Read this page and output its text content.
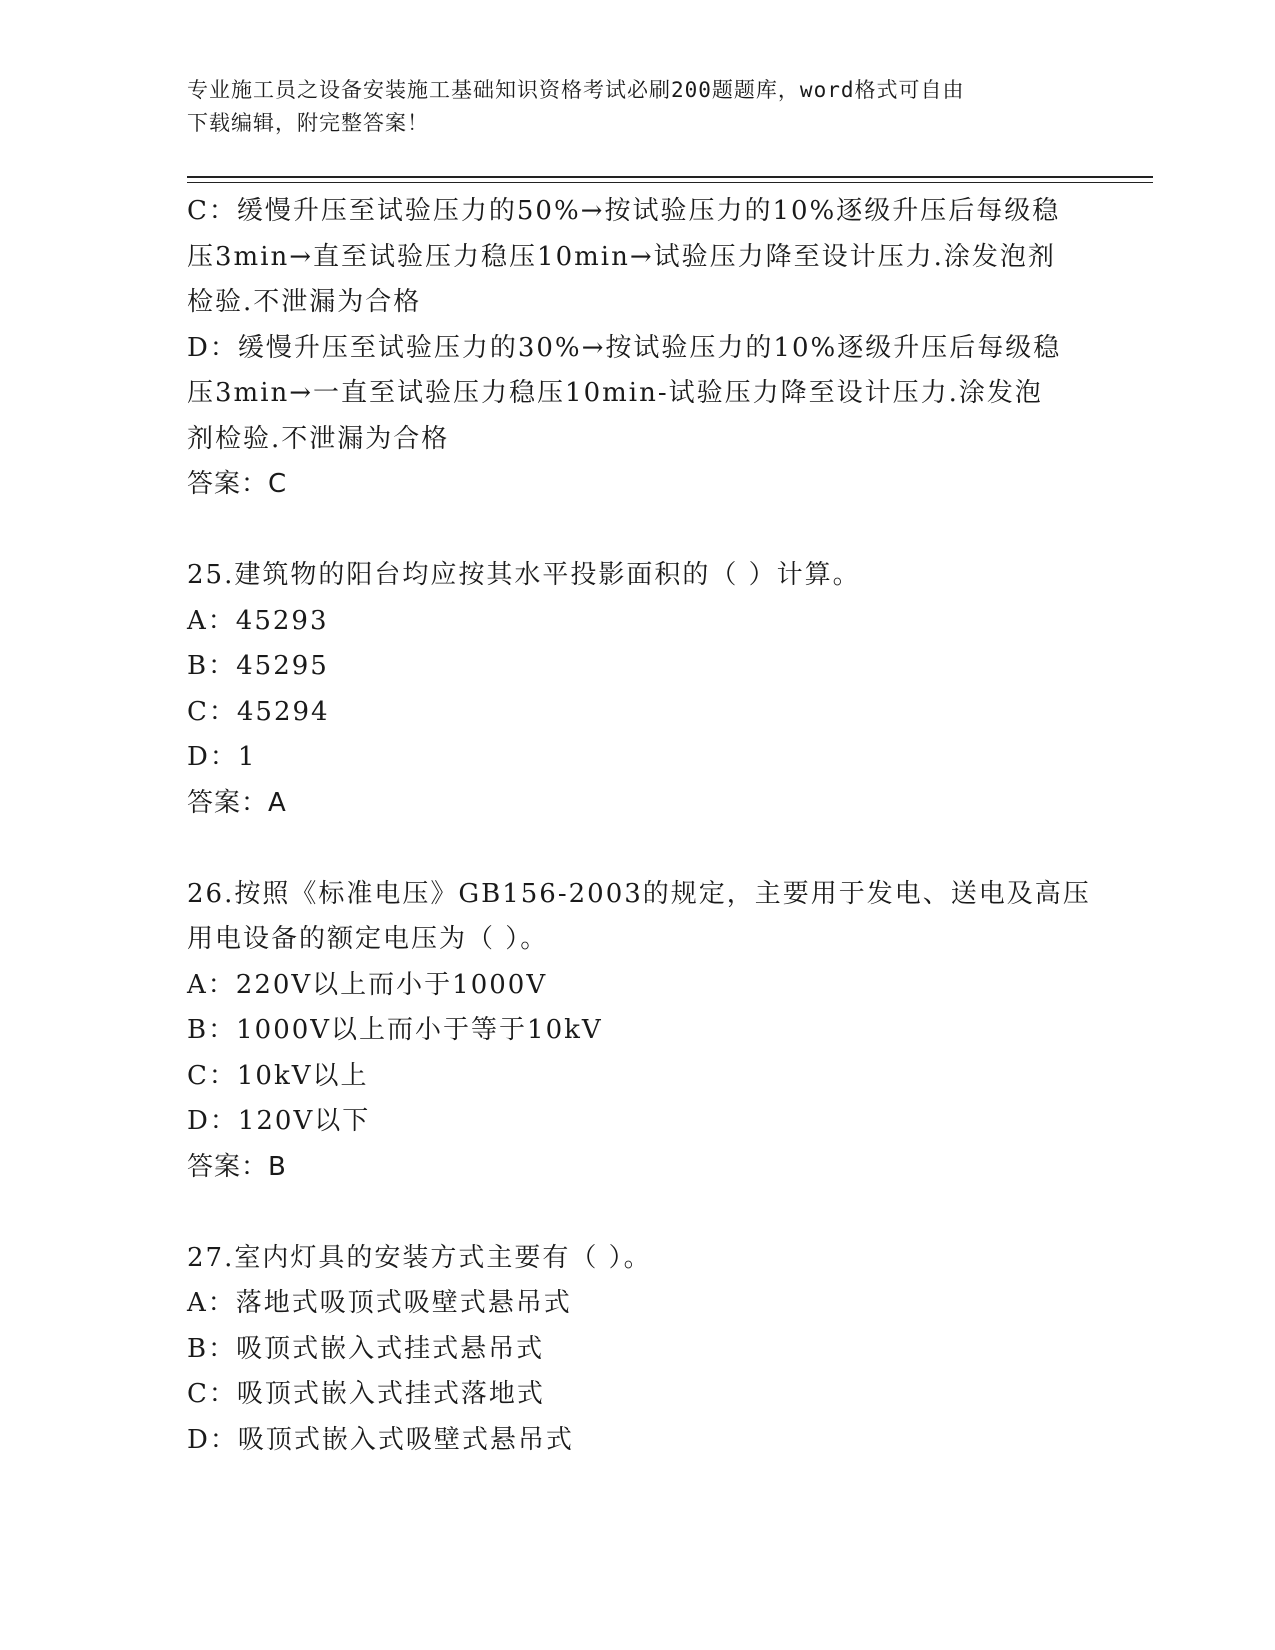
专业施工员之设备安装施工基础知识资格考试必刷200题题库，word格式可自由
下载编辑，附完整答案！
C：缓慢升压至试验压力的50%→按试验压力的10%逐级升压后每级稳
压3min→直至试验压力稳压10min→试验压力降至设计压力.涂发泡剂
检验.不泄漏为合格
D：缓慢升压至试验压力的30%→按试验压力的10%逐级升压后每级稳
压3min→一直至试验压力稳压10min-试验压力降至设计压力.涂发泡
剂检验.不泄漏为合格
答案：C
25.建筑物的阳台均应按其水平投影面积的（ ）计算。
A：45293
B：45295
C：45294
D：1
答案：A
26.按照《标准电压》GB156-2003的规定，主要用于发电、送电及高压
用电设备的额定电压为（ ）。
A：220V以上而小于1000V
B：1000V以上而小于等于10kV
C：10kV以上
D：120V以下
答案：B
27.室内灯具的安装方式主要有（ ）。
A：落地式吸顶式吸壁式悬吊式
B：吸顶式嵌入式挂式悬吊式
C：吸顶式嵌入式挂式落地式
D：吸顶式嵌入式吸壁式悬吊式
